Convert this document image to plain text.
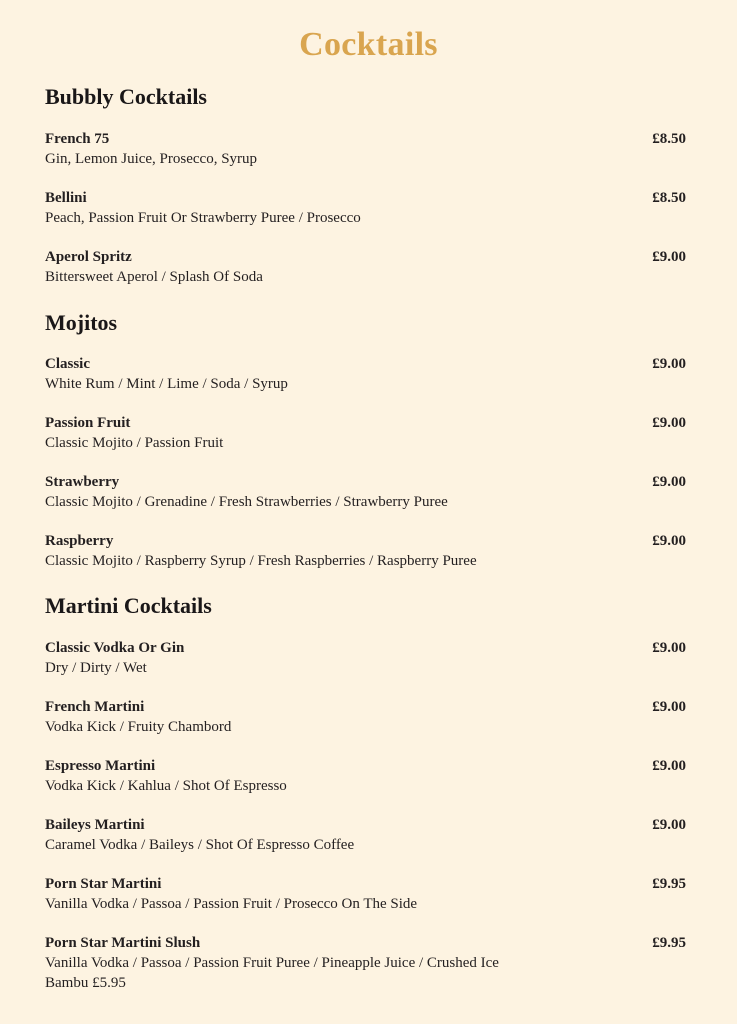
Cocktails
Bubbly Cocktails
French 75
Gin, Lemon Juice, Prosecco, Syrup
£8.50
Bellini
Peach, Passion Fruit Or Strawberry Puree / Prosecco
£8.50
Aperol Spritz
Bittersweet Aperol / Splash Of Soda
£9.00
Mojitos
Classic
White Rum / Mint / Lime / Soda / Syrup
£9.00
Passion Fruit
Classic Mojito / Passion Fruit
£9.00
Strawberry
Classic Mojito / Grenadine / Fresh Strawberries / Strawberry Puree
£9.00
Raspberry
Classic Mojito / Raspberry Syrup / Fresh Raspberries / Raspberry Puree
£9.00
Martini Cocktails
Classic Vodka Or Gin
Dry / Dirty / Wet
£9.00
French Martini
Vodka Kick / Fruity Chambord
£9.00
Espresso Martini
Vodka Kick / Kahlua / Shot Of Espresso
£9.00
Baileys Martini
Caramel Vodka / Baileys / Shot Of Espresso Coffee
£9.00
Porn Star Martini
Vanilla Vodka / Passoa / Passion Fruit / Prosecco On The Side
£9.95
Porn Star Martini Slush
Vanilla Vodka / Passoa / Passion Fruit Puree / Pineapple Juice / Crushed Ice
Bambu £5.95
£9.95
